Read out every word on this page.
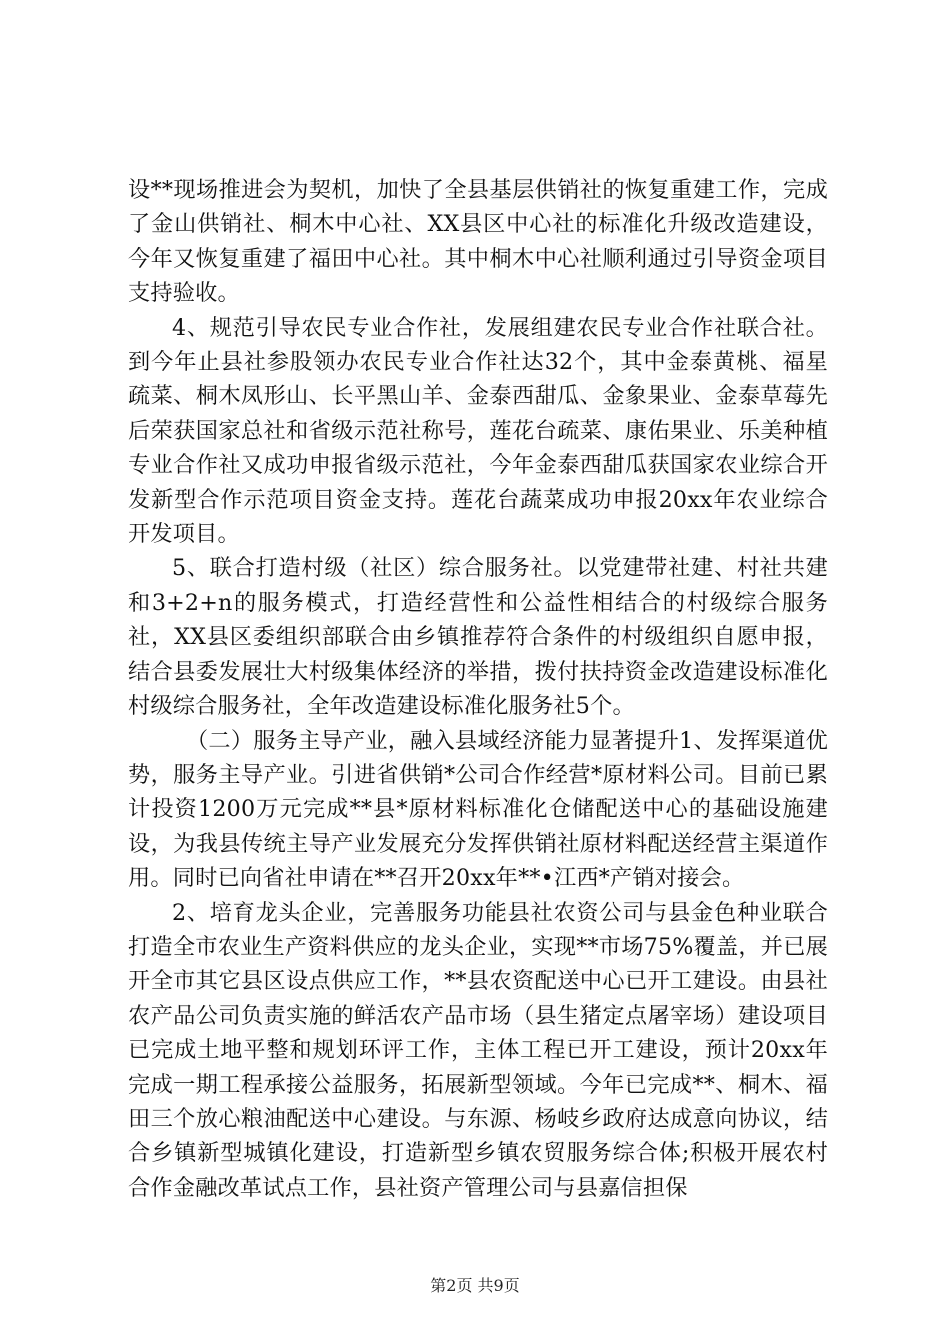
设**现场推进会为契机，加快了全县基层供销社的恢复重建工作，完成了金山供销社、桐木中心社、XX县区中心社的标准化升级改造建设，今年又恢复重建了福田中心社。其中桐木中心社顺利通过引导资金项目支持验收。

4、规范引导农民专业合作社，发展组建农民专业合作社联合社。到今年止县社参股领办农民专业合作社达32个，其中金泰黄桃、福星疏菜、桐木凤形山、长平黑山羊、金泰西甜瓜、金象果业、金泰草莓先后荣获国家总社和省级示范社称号，莲花台疏菜、康佑果业、乐美种植专业合作社又成功申报省级示范社，今年金泰西甜瓜获国家农业综合开发新型合作示范项目资金支持。莲花台蔬菜成功申报20xx年农业综合开发项目。

5、联合打造村级（社区）综合服务社。以党建带社建、村社共建和3+2+n的服务模式，打造经营性和公益性相结合的村级综合服务社，XX县区委组织部联合由乡镇推荐符合条件的村级组织自愿申报，结合县委发展壮大村级集体经济的举措，拨付扶持资金改造建设标准化村级综合服务社，全年改造建设标准化服务社5个。

（二）服务主导产业，融入县域经济能力显著提升1、发挥渠道优势，服务主导产业。引进省供销*公司合作经营*原材料公司。目前已累计投资1200万元完成**县*原材料标准化仓储配送中心的基础设施建设，为我县传统主导产业发展充分发挥供销社原材料配送经营主渠道作用。同时已向省社申请在**召开20xx年**•江西*产销对接会。

2、培育龙头企业，完善服务功能县社农资公司与县金色种业联合打造全市农业生产资料供应的龙头企业，实现**市场75%覆盖，并已展开全市其它县区设点供应工作，**县农资配送中心已开工建设。由县社农产品公司负责实施的鲜活农产品市场（县生猪定点屠宰场）建设项目已完成土地平整和规划环评工作，主体工程已开工建设，预计20xx年完成一期工程承接公益服务，拓展新型领域。今年已完成**、桐木、福田三个放心粮油配送中心建设。与东源、杨岐乡政府达成意向协议，结合乡镇新型城镇化建设，打造新型乡镇农贸服务综合体;积极开展农村合作金融改革试点工作，县社资产管理公司与县嘉信担保

第2页 共9页
